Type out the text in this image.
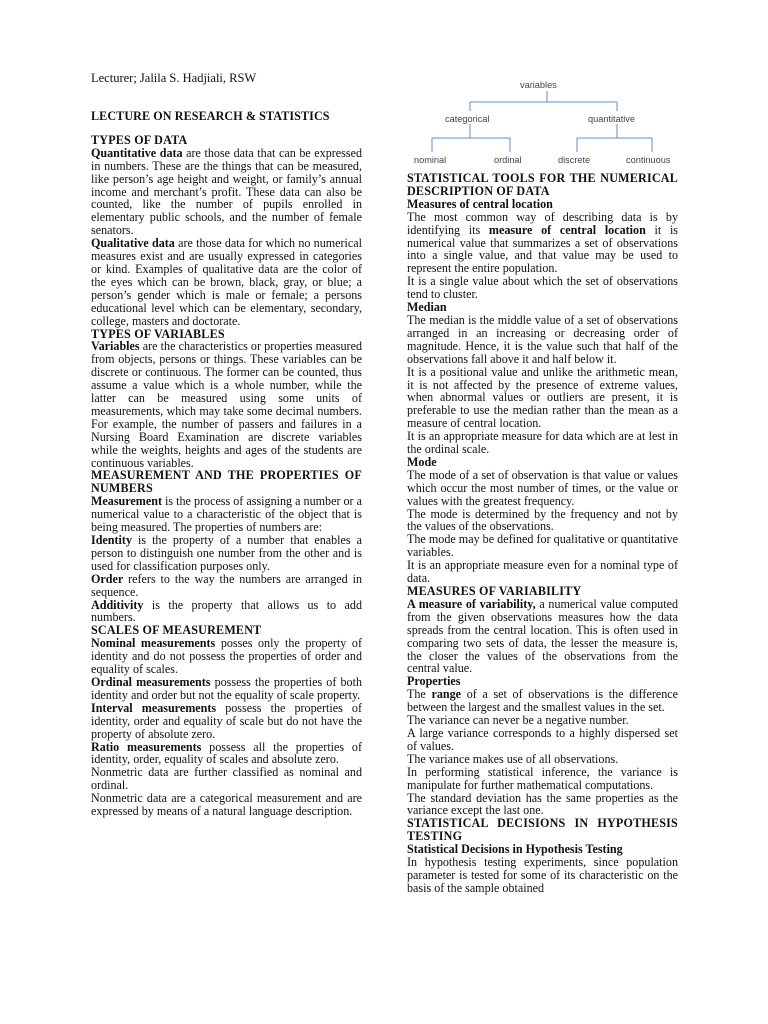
Lecturer; Jalila S. Hadjiali, RSW	variables
categorical	quantitative
nominal	ordinal	discrete	continuous
LECTURE ON RESEARCH & STATISTICS
TYPES OF DATA

Quantitative data are those data that can be expressed in numbers. These are the things that can be measured, like person’s age height and weight, or family’s annual income and merchant’s profit. These data can also be counted, like the number of pupils enrolled in elementary public schools, and the number of female senators.

Qualitative data are those data for which no numerical measures exist and are usually expressed in categories or kind. Examples of qualitative data are the color of the eyes which can be brown, black, gray, or blue; a person’s gender which is male or female; a persons educational level which can be elementary, secondary, college, masters and doctorate.

TYPES OF VARIABLES

Variables are the characteristics or properties measured from objects, persons or things. These variables can be discrete or continuous. The former can be counted, thus assume a value which is a whole number, while the latter can be measured using some units of measurements, which may take some decimal numbers. For example, the number of passers and failures in a Nursing Board Examination are discrete variables while the weights, heights and ages of the students are continuous variables.

MEASUREMENT AND THE PROPERTIES OF NUMBERS

Measurement is the process of assigning a number or a numerical value to a characteristic of the object that is being measured. The properties of numbers are:

Identity is the property of a number that enables a person to distinguish one number from the other and is used for classification purposes only.

Order refers to the way the numbers are arranged in sequence.

Additivity is the property that allows us to add numbers.

SCALES OF MEASUREMENT

Nominal measurements posses only the property of identity and do not possess the properties of order and equality of scales.

Ordinal measurements possess the properties of both identity and order but not the equality of scale property.

Interval measurements possess the properties of identity, order and equality of scale but do not have the property of absolute zero.

Ratio measurements possess all the properties of identity, order, equality of scales and absolute zero.

Nonmetric data are further classified as nominal and ordinal.

Nonmetric data are a categorical measurement and are expressed by means of a natural language description.

STATISTICAL TOOLS FOR THE NUMERICAL DESCRIPTION OF DATA
Measures of central location

The most common way of describing data is by identifying its measure of central location it is numerical value that summarizes a set of observations into a single value, and that value may be used to represent the entire population.

It is a single value about which the set of observations tend to cluster.

Median

The median is the middle value of a set of observations arranged in an increasing or decreasing order of magnitude. Hence, it is the value such that half of the observations fall above it and half below it.

It is a positional value and unlike the arithmetic mean, it is not affected by the presence of extreme values, when abnormal values or outliers are present, it is preferable to use the median rather than the mean as a measure of central location.

It is an appropriate measure for data which are at lest in the ordinal scale.

Mode

The mode of a set of observation is that value or values which occur the most number of times, or the value or values with the greatest frequency.

The mode is determined by the frequency and not by the values of the observations.

The mode may be defined for qualitative or quantitative variables.

It is an appropriate measure even for a nominal type of data.

MEASURES OF VARIABILITY

A measure of variability, a numerical value computed from the given observations measures how the data spreads from the central location. This is often used in comparing two sets of data, the lesser the measure is, the closer the values of the observations from the central value.

Properties

The range of a set of observations is the difference between the largest and the smallest values in the set.

The variance can never be a negative number.

A large variance corresponds to a highly dispersed set of values.

The variance makes use of all observations.

In performing statistical inference, the variance is manipulate for further mathematical computations.

The standard deviation has the same properties as the variance except the last one.

STATISTICAL DECISIONS IN HYPOTHESIS TESTING
Statistical Decisions in Hypothesis Testing

In hypothesis testing experiments, since population parameter is tested for some of its characteristic on the basis of the sample obtained
